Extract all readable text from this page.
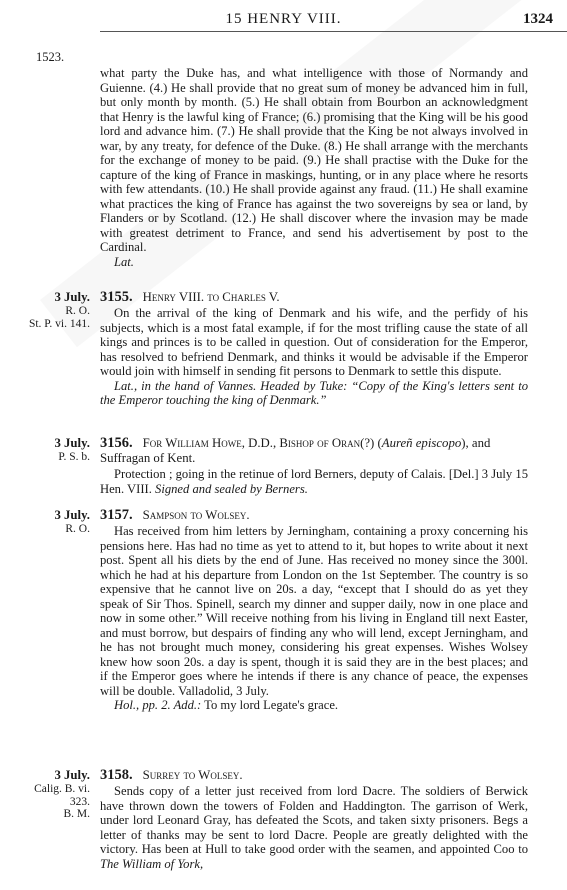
15 HENRY VIII.	1324
1523.

what party the Duke has, and what intelligence with those of Normandy and Guienne. (4.) He shall provide that no great sum of money be advanced him in full, but only month by month. (5.) He shall obtain from Bourbon an acknowledgment that Henry is the lawful king of France; (6.) promising that the King will be his good lord and advance him. (7.) He shall provide that the King be not always involved in war, by any treaty, for defence of the Duke. (8.) He shall arrange with the merchants for the exchange of money to be paid. (9.) He shall practise with the Duke for the capture of the king of France in maskings, hunting, or in any place where he resorts with few attendants. (10.) He shall provide against any fraud. (11.) He shall examine what practices the king of France has against the two sovereigns by sea or land, by Flanders or by Scotland. (12.) He shall discover where the invasion may be made with greatest detriment to France, and send his advertisement by post to the Cardinal.
Lat.

3 July.
R. O.
St. P. vi. 141.
3155. Henry VIII. to Charles V.

On the arrival of the king of Denmark and his wife, and the perfidy of his subjects, which is a most fatal example, if for the most trifling cause the state of all kings and princes is to be called in question. Out of consideration for the Emperor, has resolved to befriend Denmark, and thinks it would be advisable if the Emperor would join with himself in sending fit persons to Denmark to settle this dispute.
Lat., in the hand of Vannes. Headed by Tuke: “Copy of the King's letters sent to the Emperor touching the king of Denmark.”

3 July.
P. S. b.
3156. For William Howe, D.D., Bishop of Oran(?) (Aureñ episcopo), and Suffragan of Kent.

Protection ; going in the retinue of lord Berners, deputy of Calais. [Del.] 3 July 15 Hen. VIII. Signed and sealed by Berners.

3 July.
R. O.
3157. Sampson to Wolsey.

Has received from him letters by Jerningham, containing a proxy concerning his pensions here. Has had no time as yet to attend to it, but hopes to write about it next post. Spent all his diets by the end of June. Has received no money since the 300l. which he had at his departure from London on the 1st September. The country is so expensive that he cannot live on 20s. a day, “except that I should do as yet they speak of Sir Thos. Spinell, search my dinner and supper daily, now in one place and now in some other.” Will receive nothing from his living in England till next Easter, and must borrow, but despairs of finding any who will lend, except Jerningham, and he has not brought much money, considering his great expenses. Wishes Wolsey knew how soon 20s. a day is spent, though it is said they are in the best places; and if the Emperor goes where he intends if there is any chance of peace, the expenses will be double. Valladolid, 3 July.
Hol., pp. 2. Add.: To my lord Legate's grace.

3 July.
Calig. B. vi.
323.
B. M.
3158. Surrey to Wolsey.

Sends copy of a letter just received from lord Dacre. The soldiers of Berwick have thrown down the towers of Folden and Haddington. The garrison of Werk, under lord Leonard Gray, has defeated the Scots, and taken sixty prisoners. Begs a letter of thanks may be sent to lord Dacre. People are greatly delighted with the victory. Has been at Hull to take good order with the seamen, and appointed Coo to The William of York,
